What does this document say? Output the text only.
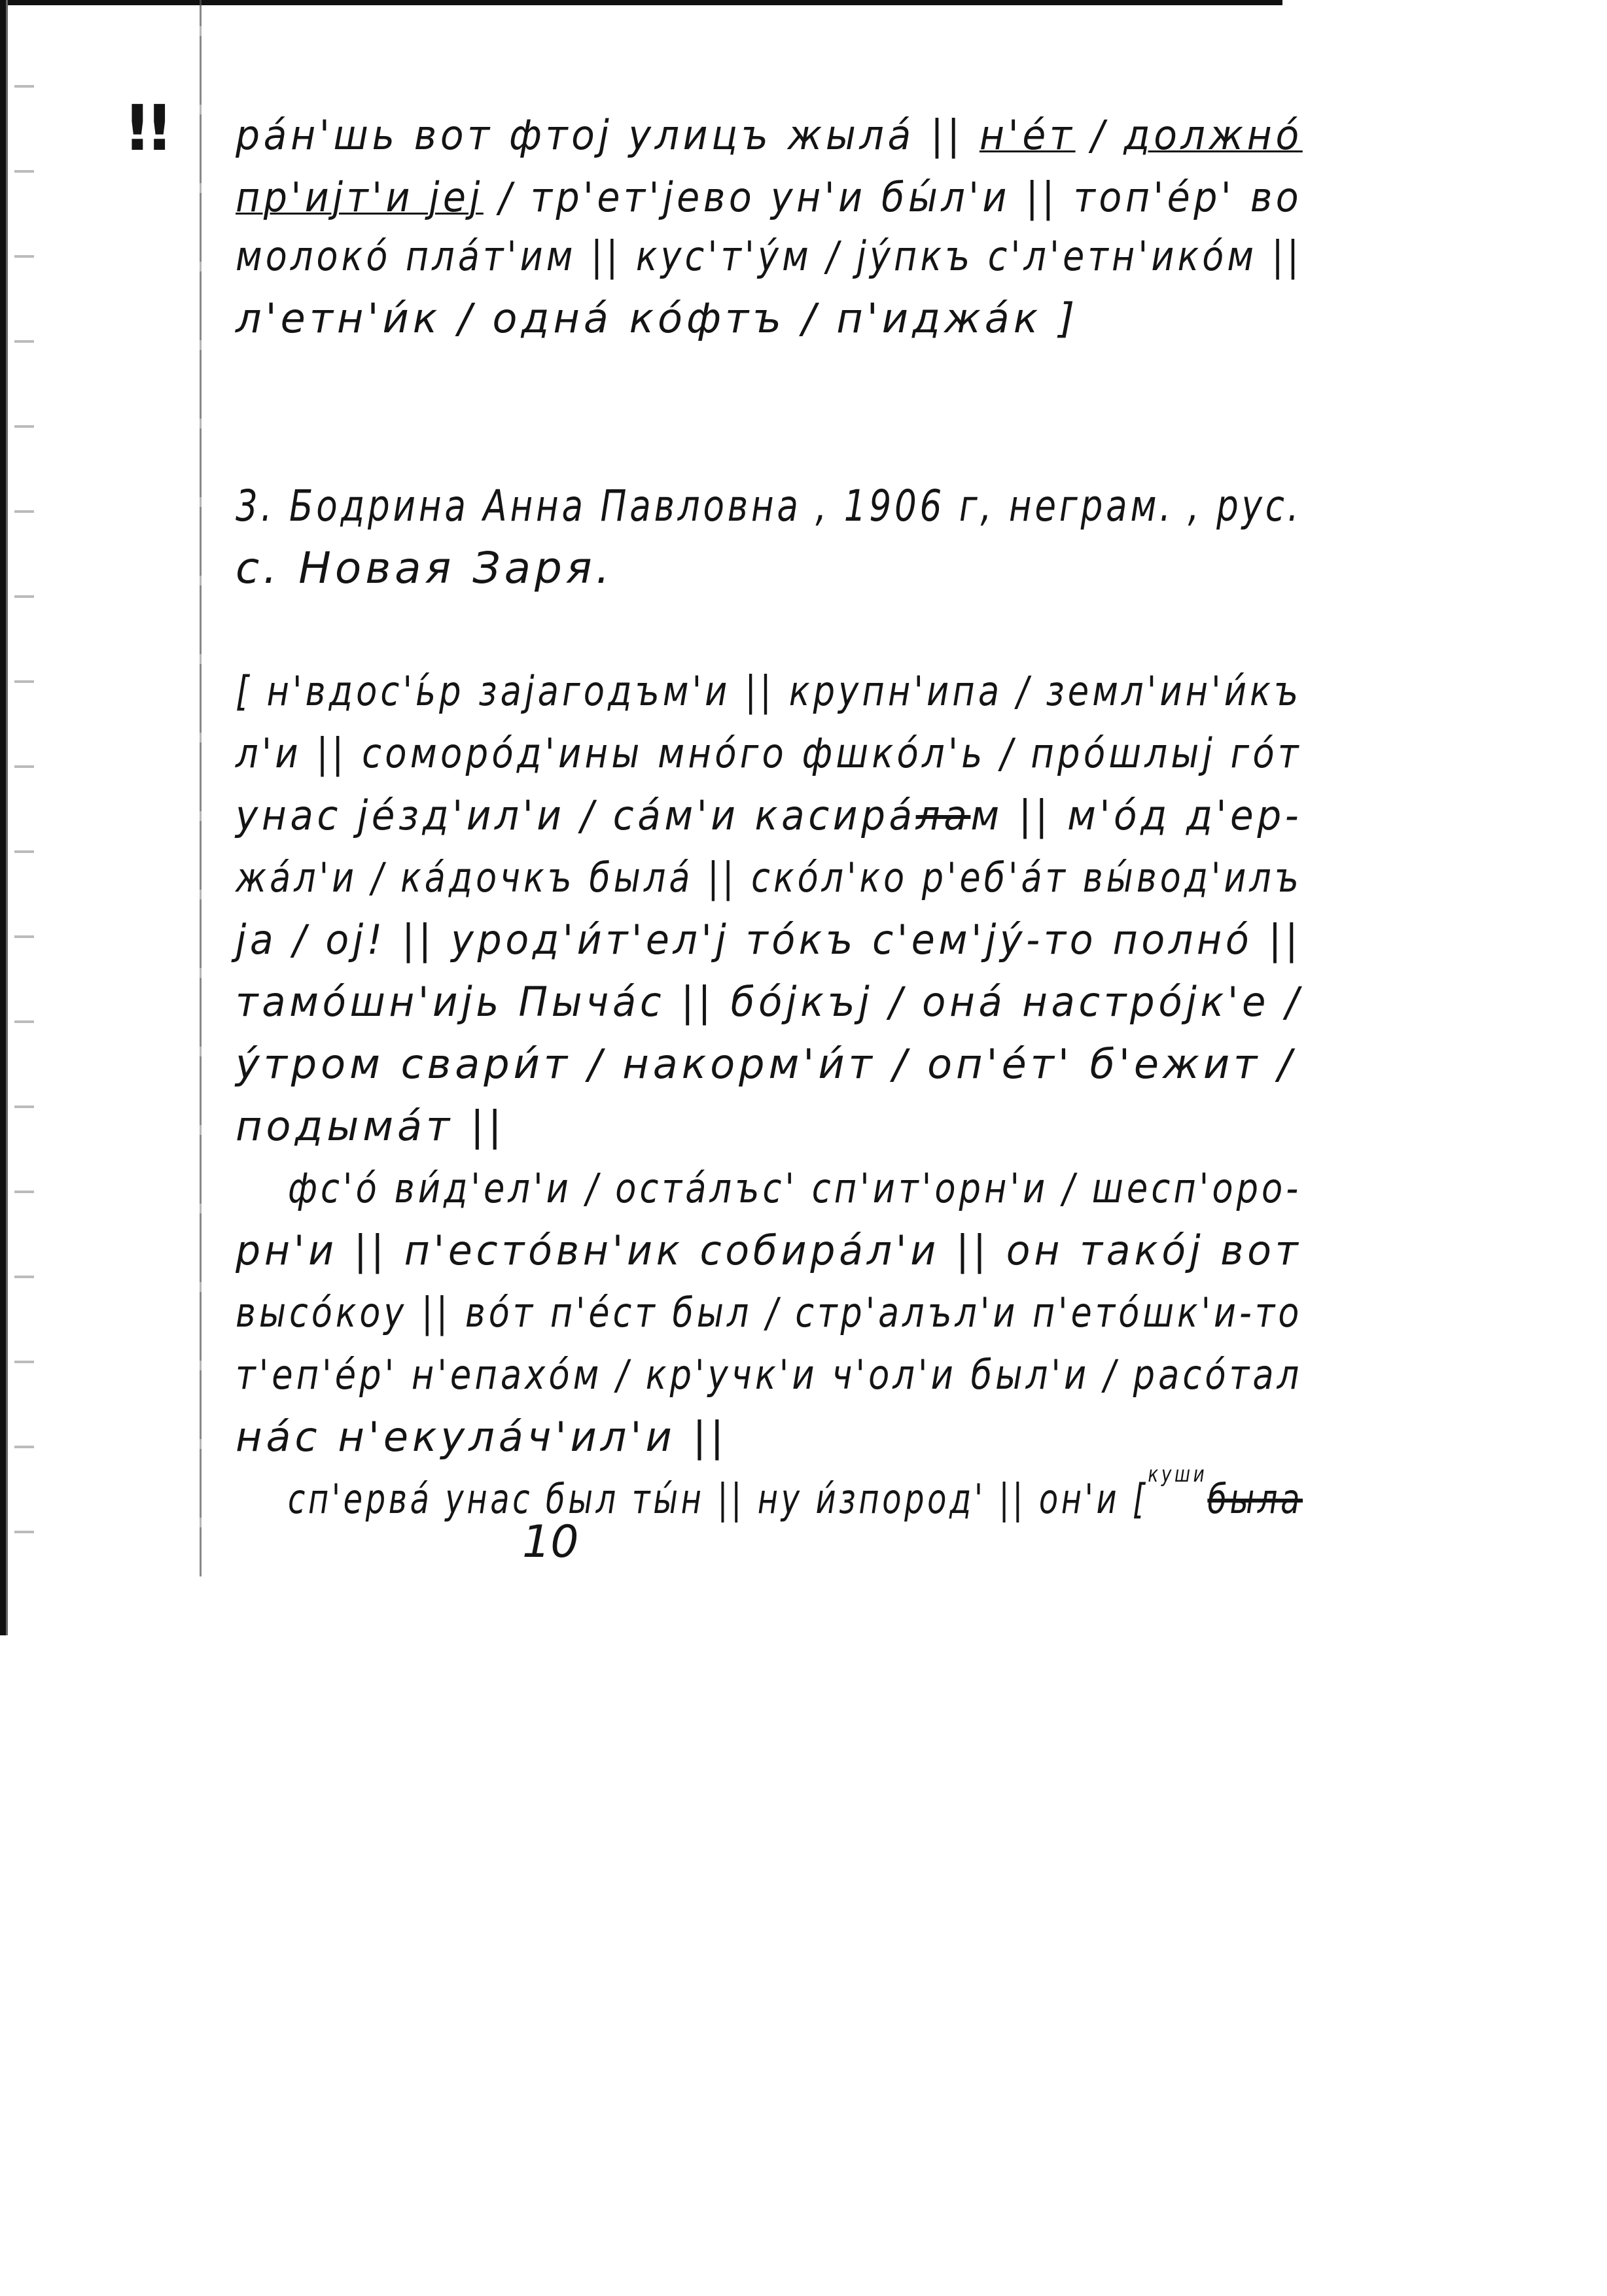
!! ра́н'шь вот фтој улицъ жыла́ || н'е́т / должно́
пр'ијт'и јеј / тр'ет'јево ун'и бы́л'и || топ'е́р' во
молоко́ пла́т'им || кус'т'у́м / ју́пкъ с'л'етн'ико́м ||
л'етн'и́к / одна́ ко́фтъ / п'иджа́к ]
3. Бодрина Анна Павловна , 1906 г, неграм. , рус.
с. Новая Заря.
[ н'вдос'ь́р зајагодъм'и || крупн'ипа / земл'ин'и́къ
л'и || соморо́д'ины мно́го фшко́л'ь / про́шлыј го́т
унас је́зд'ил'и / са́м'и касира́лам || м'о́д д'ер-
жа́л'и / ка́дочкъ была́ || ско́л'ко р'еб'а́т вы́вод'илъ
ја / ој! || урод'и́т'ел'ј то́къ с'ем'ју́-то полно́ ||
тамо́шн'ијь Пыча́с || бо́јкъј / она́ настро́јк'е /
у́тром свари́т / накорм'и́т / оп'е́т' б'ежит /
подыма́т ||
фс'о́ ви́д'ел'и / оста́лъс' сп'ит'орн'и / шесп'оро-
рн'и || п'есто́вн'ик собира́л'и || он тако́ј вот
высо́коу || во́т п'е́ст был / стр'алъл'и п'ето́шк'и-то
т'еп'е́р' н'епахо́м / кр'учк'и ч'ол'и был'и / расо́тал
на́с н'екула́ч'ил'и ||
сп'ерва́ унас был ты́н || ну и́зпород' || он'и [$^{куши}$была
10
